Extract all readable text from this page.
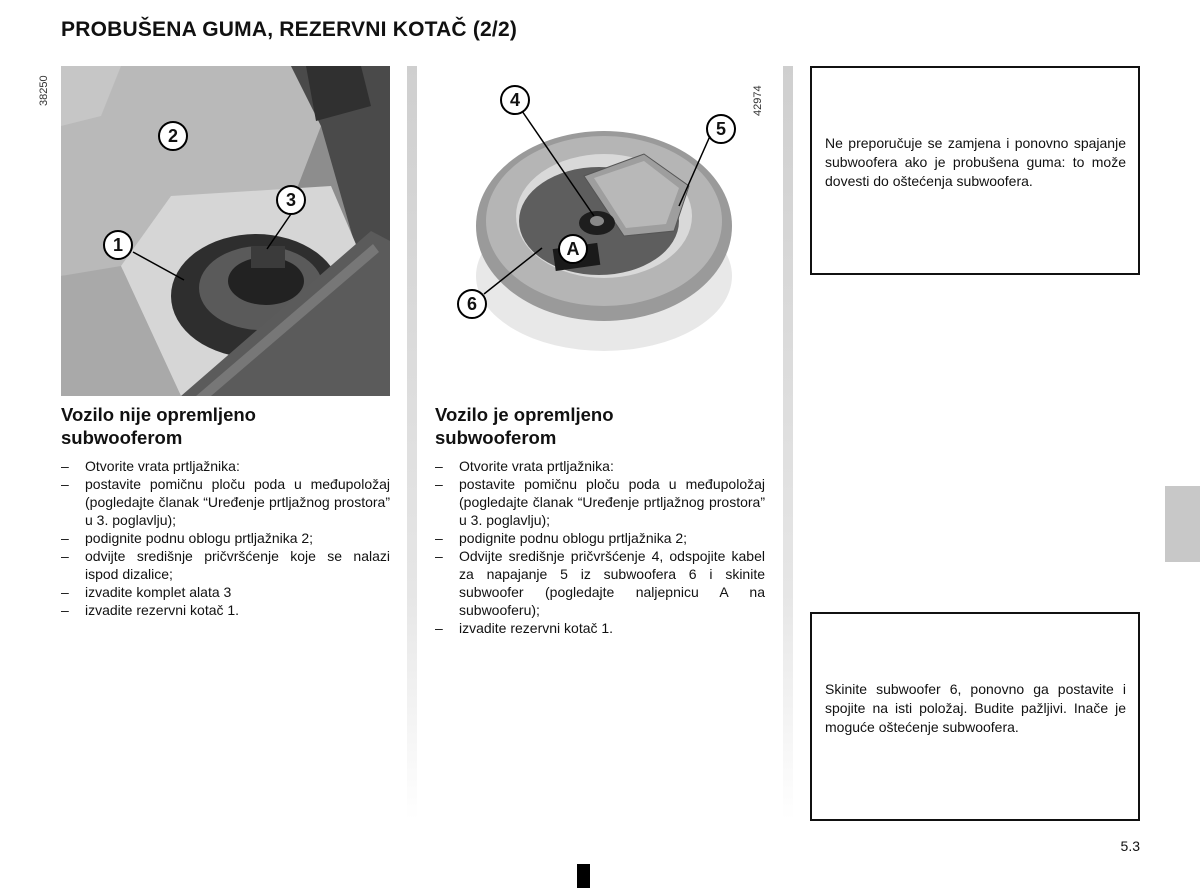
PROBUŠENA GUMA, REZERVNI KOTAČ (2/2)
1
2
3
38250	4
5
6
A
42974
Vozilo nije opremljeno subwooferom
– Otvorite vrata prtljažnika:
– postavite pomičnu ploču poda u međupoložaj (pogledajte članak “Uređenje prtljažnog prostora” u 3. poglavlju);
– podignite podnu oblogu prtljažnika 2;
– odvijte središnje pričvršćenje koje se nalazi ispod dizalice;
– izvadite komplet alata 3
– izvadite rezervni kotač 1.
Vozilo je opremljeno subwooferom
– Otvorite vrata prtljažnika:
– postavite pomičnu ploču poda u međupoložaj (pogledajte članak “Uređenje prtljažnog prostora” u 3. poglavlju);
– podignite podnu oblogu prtljažnika 2;
– Odvijte središnje pričvršćenje 4, odspojite kabel za napajanje 5 iz subwoofera 6 i skinite subwoofer (pogledajte naljepnicu A na subwooferu);
– izvadite rezervni kotač 1.

Ne preporučuje se zamjena i ponovno spajanje subwoofera ako je probušena guma: to može dovesti do oštećenja subwoofera.

Skinite subwoofer 6, ponovno ga postavite i spojite na isti položaj. Budite pažljivi. Inače je moguće oštećenje subwoofera.

5.3
